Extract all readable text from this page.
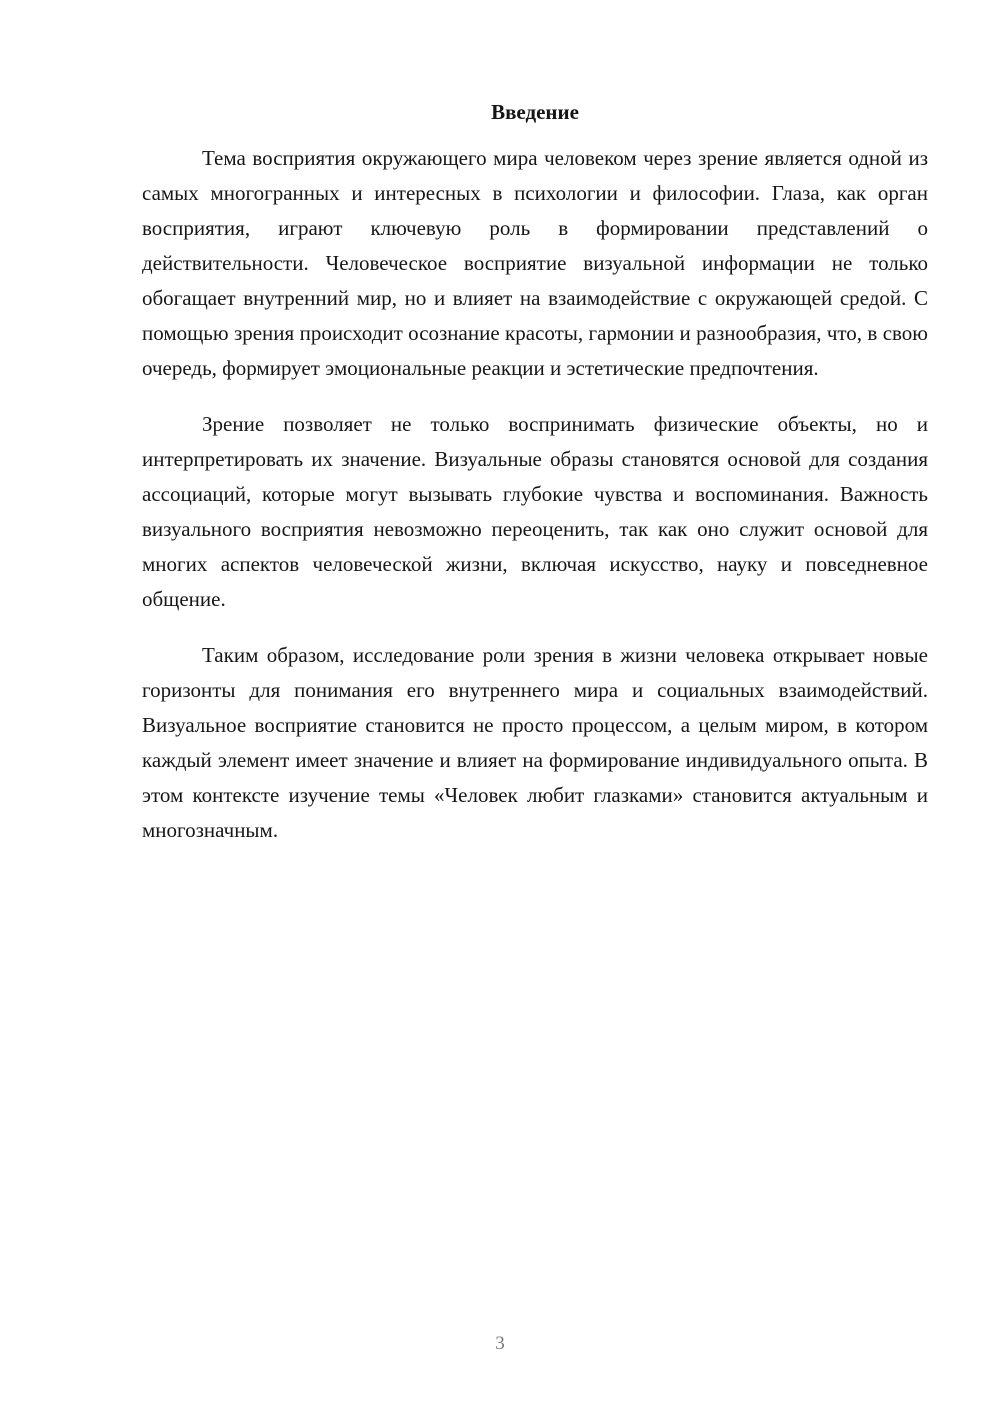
Введение

Тема восприятия окружающего мира человеком через зрение является одной из самых многогранных и интересных в психологии и философии. Глаза, как орган восприятия, играют ключевую роль в формировании представлений о действительности. Человеческое восприятие визуальной информации не только обогащает внутренний мир, но и влияет на взаимодействие с окружающей средой. С помощью зрения происходит осознание красоты, гармонии и разнообразия, что, в свою очередь, формирует эмоциональные реакции и эстетические предпочтения.

Зрение позволяет не только воспринимать физические объекты, но и интерпретировать их значение. Визуальные образы становятся основой для создания ассоциаций, которые могут вызывать глубокие чувства и воспоминания. Важность визуального восприятия невозможно переоценить, так как оно служит основой для многих аспектов человеческой жизни, включая искусство, науку и повседневное общение.

Таким образом, исследование роли зрения в жизни человека открывает новые горизонты для понимания его внутреннего мира и социальных взаимодействий. Визуальное восприятие становится не просто процессом, а целым миром, в котором каждый элемент имеет значение и влияет на формирование индивидуального опыта. В этом контексте изучение темы «Человек любит глазками» становится актуальным и многозначным.

3
